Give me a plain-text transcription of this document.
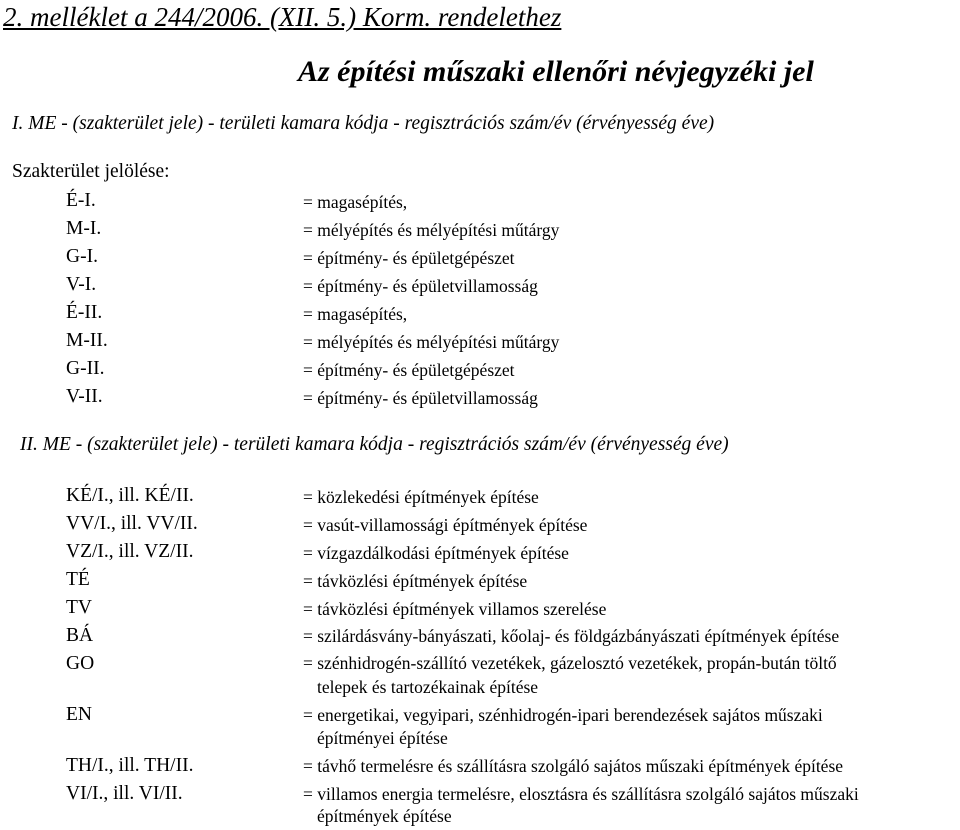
2. melléklet a 244/2006. (XII. 5.) Korm. rendelethez
Az építési műszaki ellenőri névjegyzéki jel
I. ME - (szakterület jele) - területi kamara kódja - regisztrációs szám/év (érvényesség éve)
Szakterület jelölése:
É-I.	= magasépítés,
M-I.	= mélyépítés és mélyépítési műtárgy
G-I.	= építmény- és épületgépészet
V-I.	= építmény- és épületvillamosság
É-II.	= magasépítés,
M-II.	= mélyépítés és mélyépítési műtárgy
G-II.	= építmény- és épületgépészet
V-II.	= építmény- és épületvillamosság
II. ME - (szakterület jele) - területi kamara kódja - regisztrációs szám/év (érvényesség éve)
KÉ/I., ill. KÉ/II.	= közlekedési építmények építése
VV/I., ill. VV/II.	= vasút-villamossági építmények építése
VZ/I., ill. VZ/II.	= vízgazdálkodási építmények építése
TÉ	= távközlési építmények építése
TV	= távközlési építmények villamos szerelése
BÁ	= szilárdásvány-bányászati, kőolaj- és földgázbányászati építmények építése
GO	= szénhidrogén-szállító vezetékek, gázelosztó vezetékek, propán-bután töltő
telepek és tartozékainak építése
EN	= energetikai, vegyipari, szénhidrogén-ipari berendezések sajátos műszaki
építményei építése
TH/I., ill. TH/II.	= távhő termelésre és szállításra szolgáló sajátos műszaki építmények építése
VI/I., ill. VI/II.	= villamos energia termelésre, elosztásra és szállításra szolgáló sajátos műszaki
építmények építése
